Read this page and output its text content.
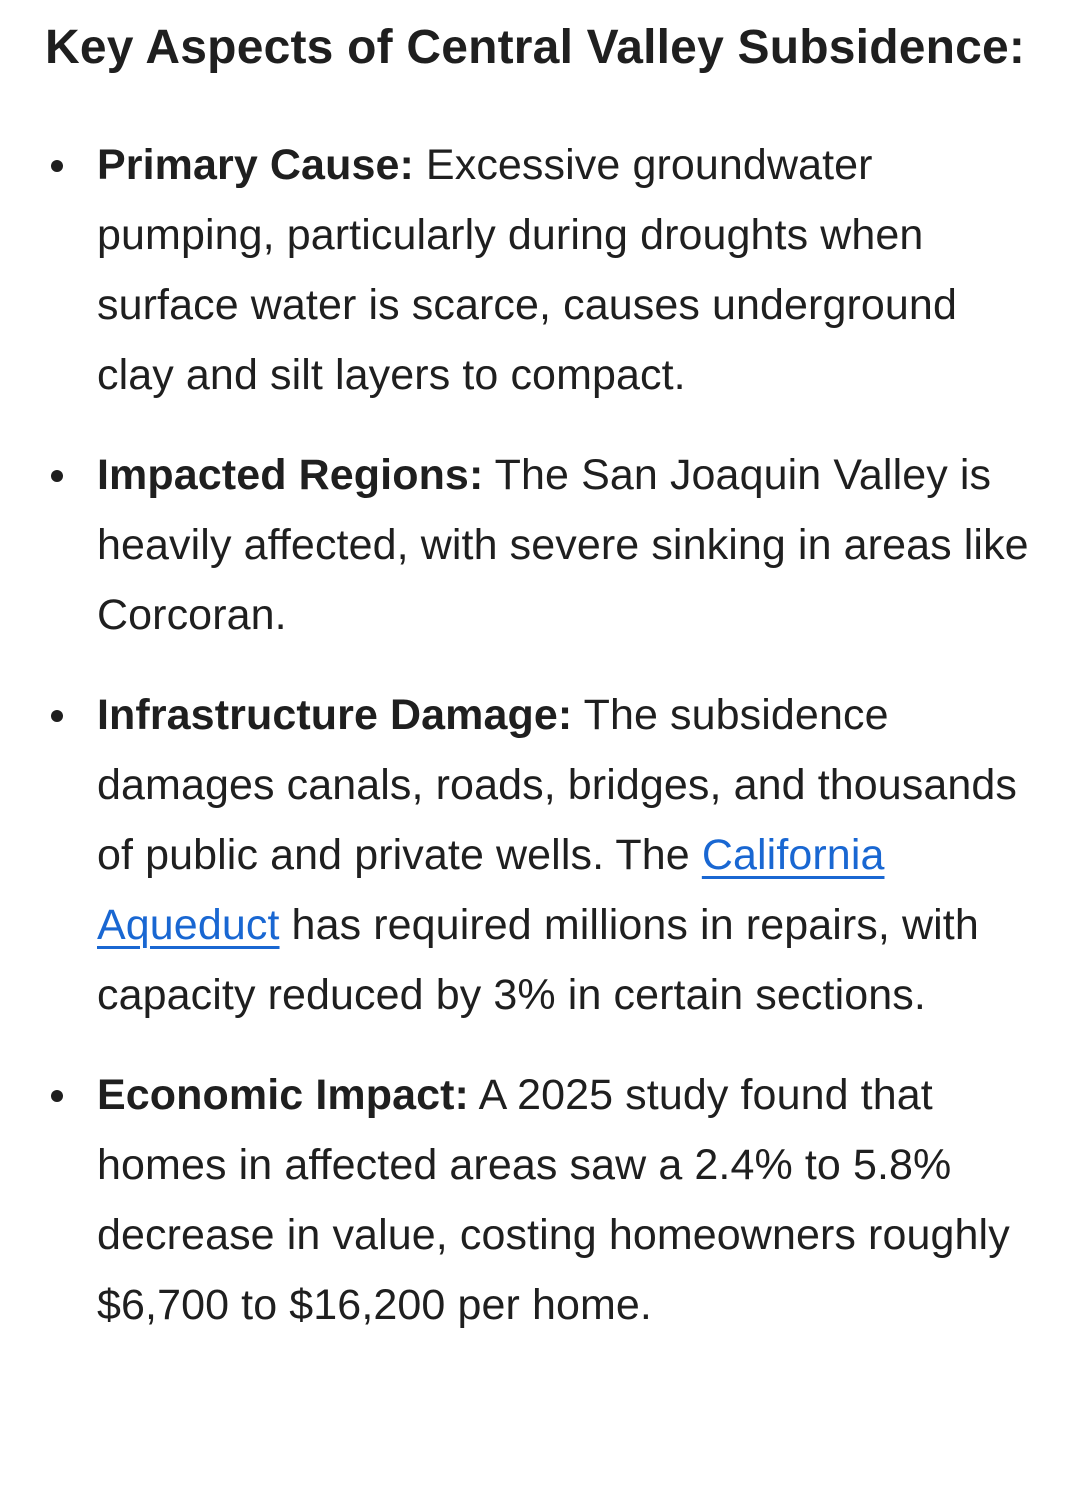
Key Aspects of Central Valley Subsidence:
Primary Cause: Excessive groundwater pumping, particularly during droughts when surface water is scarce, causes underground clay and silt layers to compact.
Impacted Regions: The San Joaquin Valley is heavily affected, with severe sinking in areas like Corcoran.
Infrastructure Damage: The subsidence damages canals, roads, bridges, and thousands of public and private wells. The California Aqueduct has required millions in repairs, with capacity reduced by 3% in certain sections.
Economic Impact: A 2025 study found that homes in affected areas saw a 2.4% to 5.8% decrease in value, costing homeowners roughly $6,700 to $16,200 per home.
